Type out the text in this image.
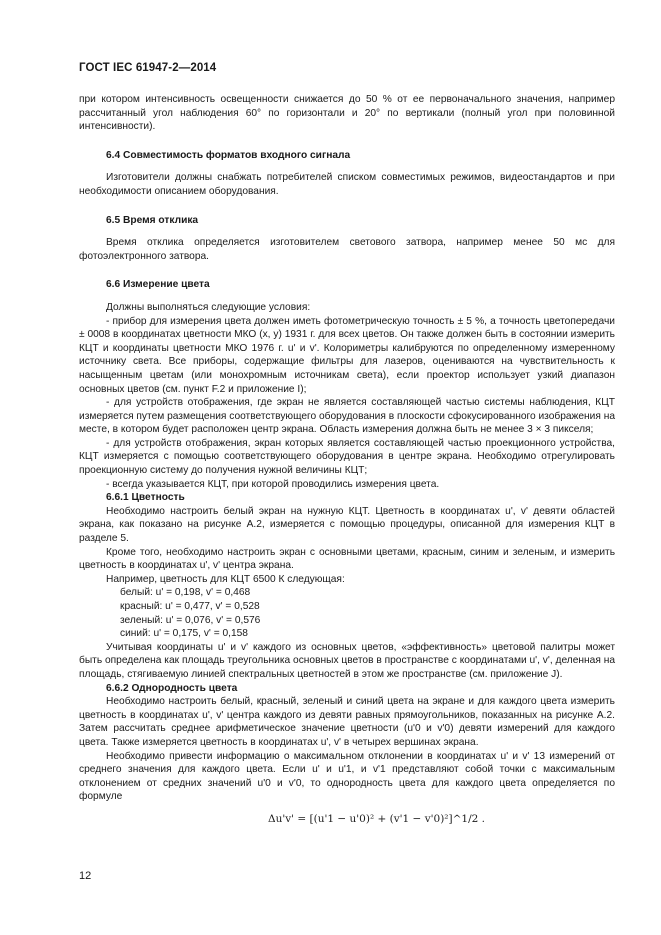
ГОСТ IEC 61947-2—2014

при котором интенсивность освещенности снижается до 50 % от ее первоначального значения, например рассчитанный угол наблюдения 60° по горизонтали и 20° по вертикали (полный угол при половинной интенсивности).

6.4 Совместимость форматов входного сигнала

Изготовители должны снабжать потребителей списком совместимых режимов, видеостандартов и при необходимости описанием оборудования.

6.5 Время отклика

Время отклика определяется изготовителем светового затвора, например менее 50 мс для фотоэлектронного затвора.

6.6 Измерение цвета

Должны выполняться следующие условия:

- прибор для измерения цвета должен иметь фотометрическую точность ± 5 %, а точность цветопередачи ± 0008 в координатах цветности МКО (x, y) 1931 г. для всех цветов. Он также должен быть в состоянии измерить КЦТ и координаты цветности МКО 1976 г. u' и v'. Колориметры калибруются по определенному измеренному источнику света. Все приборы, содержащие фильтры для лазеров, оцениваются на чувствительность к насыщенным цветам (или монохромным источникам света), если проектор использует узкий диапазон основных цветов (см. пункт F.2 и приложение I);

- для устройств отображения, где экран не является составляющей частью системы наблюдения, КЦТ измеряется путем размещения соответствующего оборудования в плоскости сфокусированного изображения на месте, в котором будет расположен центр экрана. Область измерения должна быть не менее 3 × 3 пикселя;

- для устройств отображения, экран которых является составляющей частью проекционного устройства, КЦТ измеряется с помощью соответствующего оборудования в центре экрана. Необходимо отрегулировать проекционную систему до получения нужной величины КЦТ;

- всегда указывается КЦТ, при которой проводились измерения цвета.

6.6.1 Цветность

Необходимо настроить белый экран на нужную КЦТ. Цветность в координатах u', v' девяти областей экрана, как показано на рисунке А.2, измеряется с помощью процедуры, описанной для измерения КЦТ в разделе 5.

Кроме того, необходимо настроить экран с основными цветами, красным, синим и зеленым, и измерить цветность в координатах u', v' центра экрана.

Например, цветность для КЦТ 6500 К следующая:

белый: u' = 0,198, v' = 0,468

красный: u' = 0,477, v' = 0,528

зеленый: u' = 0,076, v' = 0,576

синий: u' = 0,175, v' = 0,158

Учитывая координаты u' и v' каждого из основных цветов, «эффективность» цветовой палитры может быть определена как площадь треугольника основных цветов в пространстве с координатами u', v', деленная на площадь, стягиваемую линией спектральных цветностей в этом же пространстве (см. приложение J).

6.6.2 Однородность цвета

Необходимо настроить белый, красный, зеленый и синий цвета на экране и для каждого цвета измерить цветность в координатах u', v' центра каждого из девяти равных прямоугольников, показанных на рисунке А.2. Затем рассчитать среднее арифметическое значение цветности (u'0 и v'0) девяти измерений для каждого цвета. Также измеряется цветность в координатах u', v' в четырех вершинах экрана.

Необходимо привести информацию о максимальном отклонении в координатах u' и v' 13 измерений от среднего значения для каждого цвета. Если u' и u'1, и v'1 представляют собой точки с максимальным отклонением от средних значений u'0 и v'0, то однородность цвета для каждого цвета определяется по формуле

Δu'v' = [(u'1 − u'0)² + (v'1 − v'0)²]^1/2 .
12
